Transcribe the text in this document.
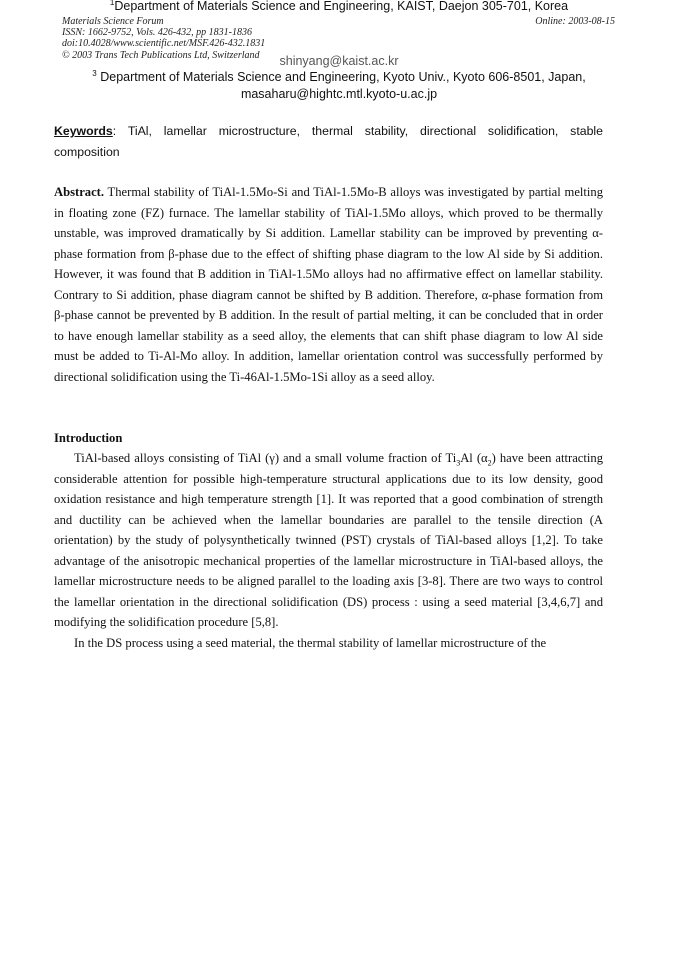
$^1$Department of Materials Science and Engineering, KAIST, Daejon 305-701, Korea
Materials Science Forum
ISSN: 1662-9752, Vols. 426-432, pp 1831-1836
doi:10.4028/www.scientific.net/MSF.426-432.1831
© 2003 Trans Tech Publications Ltd, Switzerland
Online: 2003-08-15
shinyang@kaist.ac.kr
$^3$ Department of Materials Science and Engineering, Kyoto Univ., Kyoto 606-8501, Japan,
masaharu@hightc.mtl.kyoto-u.ac.jp
Keywords: TiAl, lamellar microstructure, thermal stability, directional solidification, stable composition

Abstract. Thermal stability of TiAl-1.5Mo-Si and TiAl-1.5Mo-B alloys was investigated by partial melting in floating zone (FZ) furnace. The lamellar stability of TiAl-1.5Mo alloys, which proved to be thermally unstable, was improved dramatically by Si addition. Lamellar stability can be improved by preventing α-phase formation from β-phase due to the effect of shifting phase diagram to the low Al side by Si addition. However, it was found that B addition in TiAl-1.5Mo alloys had no affirmative effect on lamellar stability. Contrary to Si addition, phase diagram cannot be shifted by B addition. Therefore, α-phase formation from β-phase cannot be prevented by B addition. In the result of partial melting, it can be concluded that in order to have enough lamellar stability as a seed alloy, the elements that can shift phase diagram to low Al side must be added to Ti-Al-Mo alloy. In addition, lamellar orientation control was successfully performed by directional solidification using the Ti-46Al-1.5Mo-1Si alloy as a seed alloy.

Introduction

TiAl-based alloys consisting of TiAl (γ) and a small volume fraction of $Ti_3Al$ $(\alpha_2)$ have been attracting considerable attention for possible high-temperature structural applications due to its low density, good oxidation resistance and high temperature strength [1]. It was reported that a good combination of strength and ductility can be achieved when the lamellar boundaries are parallel to the tensile direction (A orientation) by the study of polysynthetically twinned (PST) crystals of TiAl-based alloys [1,2]. To take advantage of the anisotropic mechanical properties of the lamellar microstructure in TiAl-based alloys, the lamellar microstructure needs to be aligned parallel to the loading axis [3-8]. There are two ways to control the lamellar orientation in the directional solidification (DS) process : using a seed material [3,4,6,7] and modifying the solidification procedure [5,8].

In the DS process using a seed material, the thermal stability of lamellar microstructure of the
